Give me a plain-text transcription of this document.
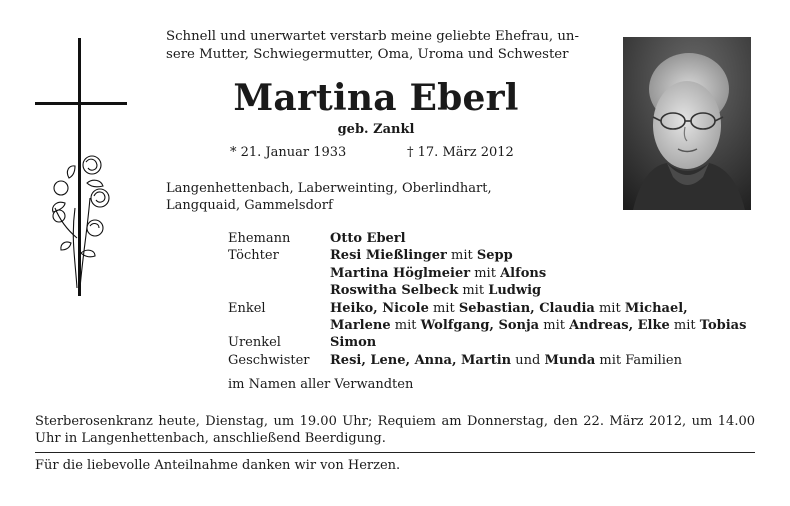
Schnell und unerwartet verstarb meine geliebte Ehefrau, un-
sere Mutter, Schwiegermutter, Oma, Uroma und Schwester
Martina Eberl
geb. Zankl
* 21. Januar 1933	† 17. März 2012
Langenhettenbach, Laberweinting, Oberlindhart,
Langquaid, Gammelsdorf
Ehemann	Otto Eberl
Töchter	Resi Mießlinger mit Sepp
	Martina Höglmeier mit Alfons
	Roswitha Selbeck mit Ludwig
Enkel	Heiko, Nicole mit Sebastian, Claudia mit Michael,
	Marlene mit Wolfgang, Sonja mit Andreas, Elke mit Tobias
Urenkel	Simon
Geschwister	Resi, Lene, Anna, Martin und Munda mit Familien
im Namen aller Verwandten
Sterberosenkranz heute, Dienstag, um 19.00 Uhr; Requiem am Donnerstag, den 22. März 2012, um 14.00 Uhr in Langenhettenbach, anschließend Beerdigung.
Für die liebevolle Anteilnahme danken wir von Herzen.
